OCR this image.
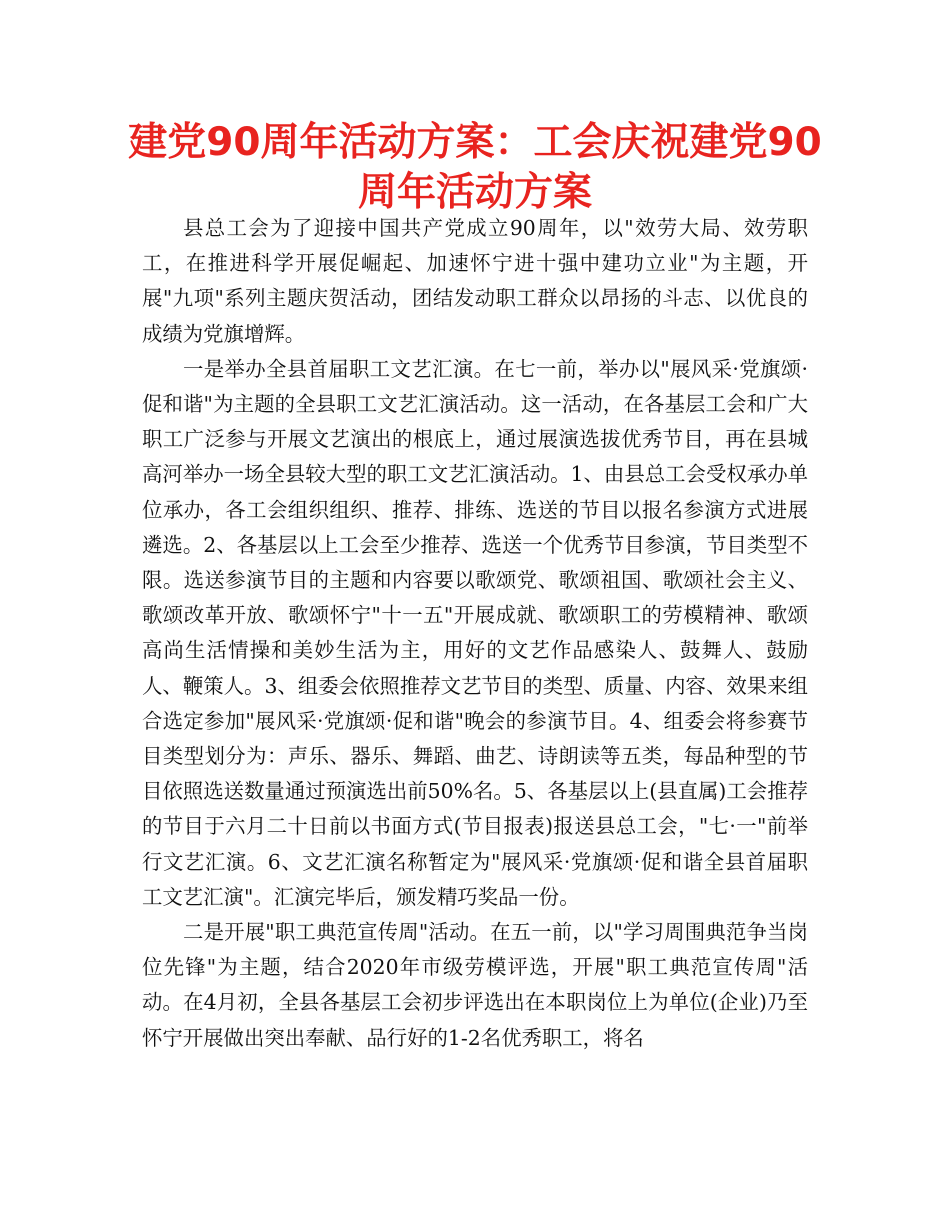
建党90周年活动方案：工会庆祝建党90周年活动方案

县总工会为了迎接中国共产党成立90周年，以"效劳大局、效劳职工，在推进科学开展促崛起、加速怀宁进十强中建功立业"为主题，开展"九项"系列主题庆贺活动，团结发动职工群众以昂扬的斗志、以优良的成绩为党旗增辉。

一是举办全县首届职工文艺汇演。在七一前，举办以"展风采·党旗颂·促和谐"为主题的全县职工文艺汇演活动。这一活动，在各基层工会和广大职工广泛参与开展文艺演出的根底上，通过展演选拔优秀节目，再在县城高河举办一场全县较大型的职工文艺汇演活动。1、由县总工会受权承办单位承办，各工会组织组织、推荐、排练、选送的节目以报名参演方式进展遴选。2、各基层以上工会至少推荐、选送一个优秀节目参演，节目类型不限。选送参演节目的主题和内容要以歌颂党、歌颂祖国、歌颂社会主义、歌颂改革开放、歌颂怀宁"十一五"开展成就、歌颂职工的劳模精神、歌颂高尚生活情操和美妙生活为主，用好的文艺作品感染人、鼓舞人、鼓励人、鞭策人。3、组委会依照推荐文艺节目的类型、质量、内容、效果来组合选定参加"展风采·党旗颂·促和谐"晚会的参演节目。4、组委会将参赛节目类型划分为：声乐、器乐、舞蹈、曲艺、诗朗读等五类，每品种型的节目依照选送数量通过预演选出前50%名。5、各基层以上(县直属)工会推荐的节目于六月二十日前以书面方式(节目报表)报送县总工会，"七·一"前举行文艺汇演。6、文艺汇演名称暂定为"展风采·党旗颂·促和谐全县首届职工文艺汇演"。汇演完毕后，颁发精巧奖品一份。

二是开展"职工典范宣传周"活动。在五一前，以"学习周围典范争当岗位先锋"为主题，结合2020年市级劳模评选，开展"职工典范宣传周"活动。在4月初，全县各基层工会初步评选出在本职岗位上为单位(企业)乃至怀宁开展做出突出奉献、品行好的1-2名优秀职工，将名
